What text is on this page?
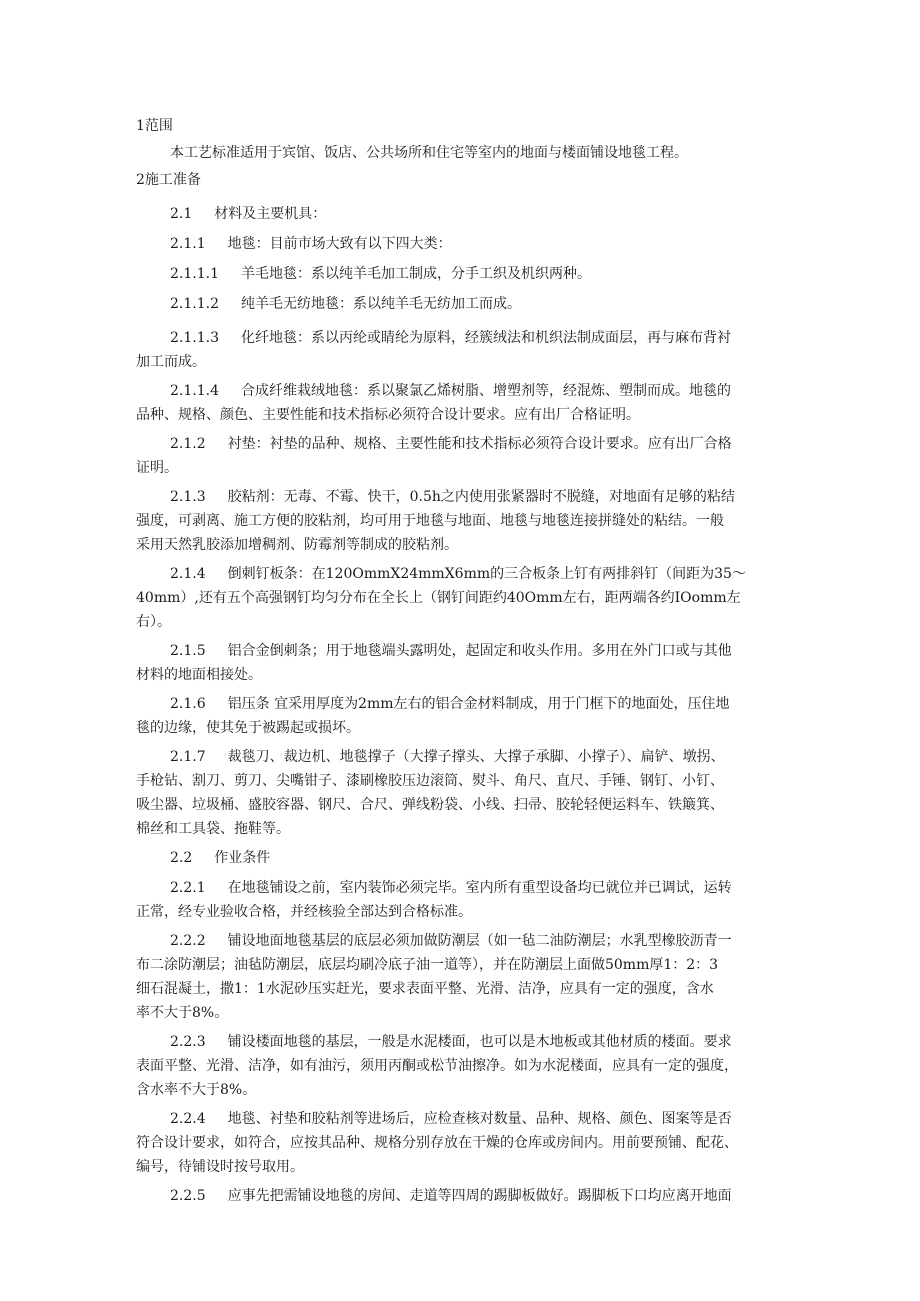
1范围
本工艺标准适用于宾馆、饭店、公共场所和住宅等室内的地面与楼面铺设地毯工程。
2施工准备
2.1 材料及主要机具：
2.1.1 地毯：目前市场大致有以下四大类：
2.1.1.1 羊毛地毯：系以纯羊毛加工制成，分手工织及机织两种。
2.1.1.2 纯羊毛无纺地毯：系以纯羊毛无纺加工而成。
2.1.1.3 化纤地毯：系以丙纶或睛纶为原料，经簇绒法和机织法制成面层，再与麻布背衬
加工而成。
2.1.1.4 合成纤维栽绒地毯：系以聚氯乙烯树脂、增塑剂等，经混炼、塑制而成。地毯的
品种、规格、颜色、主要性能和技术指标必须符合设计要求。应有出厂合格证明。
2.1.2 衬垫：衬垫的品种、规格、主要性能和技术指标必须符合设计要求。应有出厂合格
证明。
2.1.3 胶粘剂：无毒、不霉、快干，0.5h之内使用张紧器时不脱缝，对地面有足够的粘结
强度，可剥离、施工方便的胶粘剂，均可用于地毯与地面、地毯与地毯连接拼缝处的粘结。一般
采用天然乳胶添加增稠剂、防霉剂等制成的胶粘剂。
2.1.4 倒刺钉板条：在120OmmX24mmX6mm的三合板条上钉有两排斜钉（间距为35～
40mm）,还有五个高强钢钉均匀分布在全长上（钢钉间距约40Omm左右，距两端各约IOomm左
右）。
2.1.5 铝合金倒刺条；用于地毯端头露明处，起固定和收头作用。多用在外门口或与其他
材料的地面相接处。
2.1.6 铝压条 宜采用厚度为2mm左右的铝合金材料制成，用于门框下的地面处，压住地
毯的边缘，使其免于被踢起或损坏。
2.1.7 裁毯刀、裁边机、地毯撑子（大撑子撑头、大撑子承脚、小撑子）、扁铲、墩拐、
手枪钻、割刀、剪刀、尖嘴钳子、漆刷橡胶压边滚筒、熨斗、角尺、直尺、手锤、钢钉、小钉、
吸尘器、垃圾桶、盛胶容器、钢尺、合尺、弹线粉袋、小线、扫帚、胶轮轻便运料车、铁簸箕、
棉丝和工具袋、拖鞋等。
2.2 作业条件
2.2.1 在地毯铺设之前，室内装饰必须完毕。室内所有重型设备均已就位并已调试，运转
正常，经专业验收合格，并经核验全部达到合格标准。
2.2.2 铺设地面地毯基层的底层必须加做防潮层（如一毡二油防潮层；水乳型橡胶沥青一
布二涂防潮层；油毡防潮层，底层均刷冷底子油一道等），并在防潮层上面做50mm厚1：2：3
细石混凝土，撒1：1水泥砂压实赶光，要求表面平整、光滑、洁净，应具有一定的强度，含水
率不大于8%。
2.2.3 铺设楼面地毯的基层，一般是水泥楼面，也可以是木地板或其他材质的楼面。要求
表面平整、光滑、洁净，如有油污，须用丙酮或松节油擦净。如为水泥楼面，应具有一定的强度，
含水率不大于8%。
2.2.4 地毯、衬垫和胶粘剂等进场后，应检查核对数量、品种、规格、颜色、图案等是否
符合设计要求，如符合，应按其品种、规格分别存放在干燥的仓库或房间内。用前要预铺、配花、
编号，待铺设时按号取用。
2.2.5 应事先把需铺设地毯的房间、走道等四周的踢脚板做好。踢脚板下口均应离开地面
